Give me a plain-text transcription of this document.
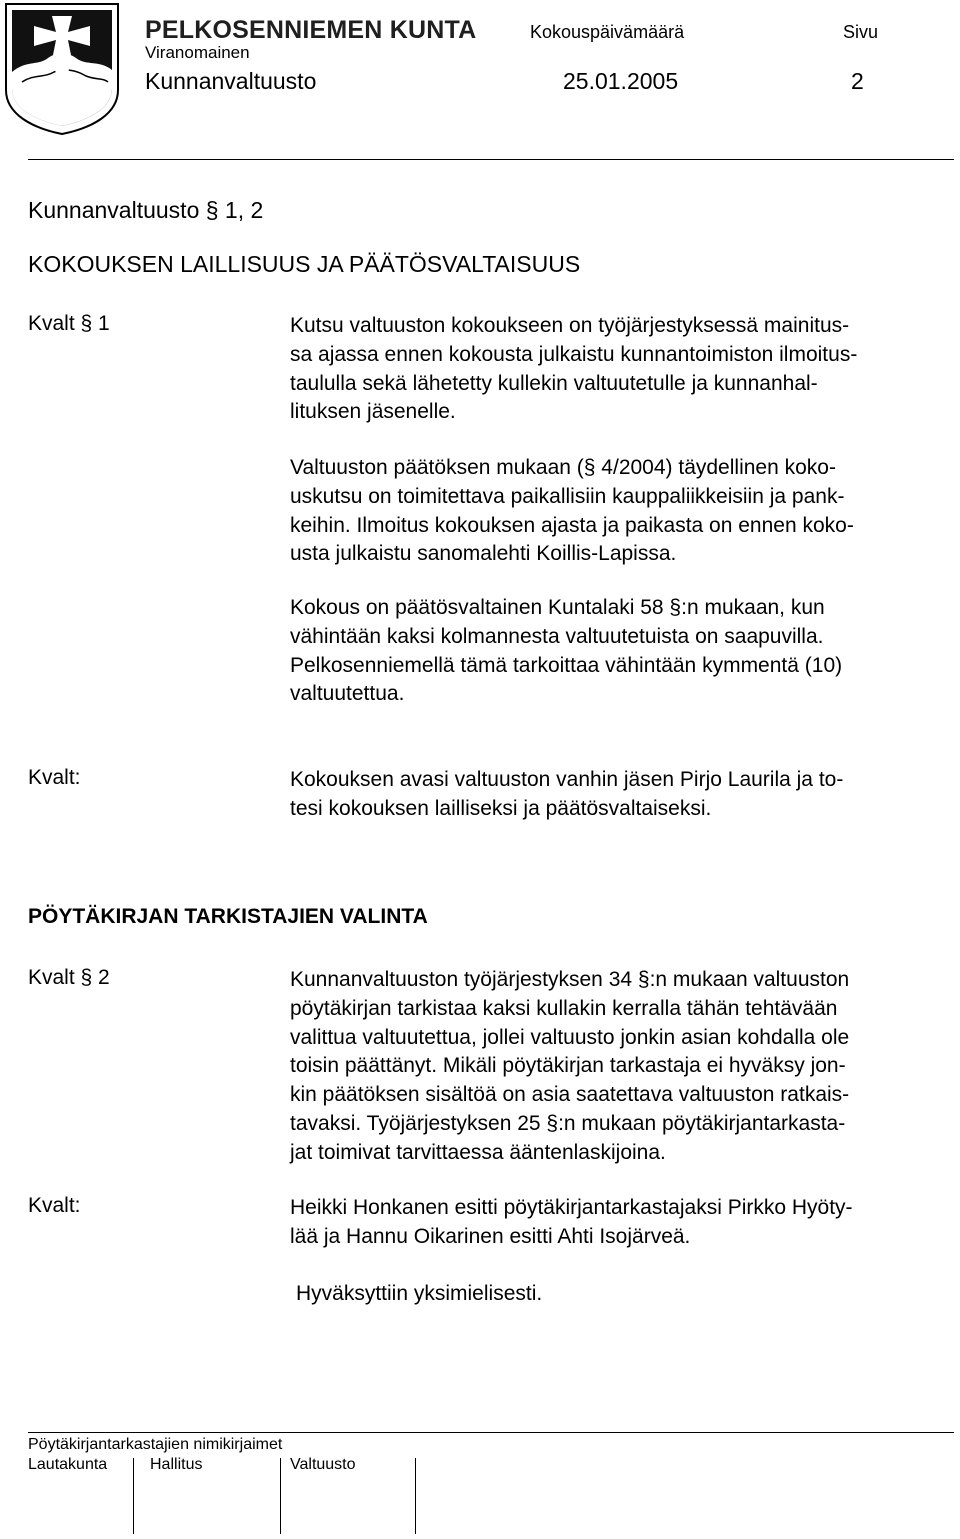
PELKOSENNIEMEN KUNTA
Viranomainen
Kokouspäivämäärä	Sivu
Kunnanvaltuusto	25.01.2005	2
Kunnanvaltuusto § 1, 2
KOKOUKSEN LAILLISUUS JA PÄÄTÖSVALTAISUUS
Kvalt § 1	Kutsu valtuuston kokoukseen on työjärjestyksessä mainitus-
sa ajassa ennen kokousta julkaistu kunnantoimiston ilmoitus-
taululla sekä lähetetty kullekin valtuutetulle ja kunnanhal-
lituksen jäsenelle.
Valtuuston päätöksen mukaan (§ 4/2004) täydellinen koko-
uskutsu on toimitettava paikallisiin kauppaliikkeisiin ja pank-
keihin. Ilmoitus kokouksen ajasta ja paikasta on ennen koko-
usta julkaistu sanomalehti Koillis-Lapissa.
Kokous on päätösvaltainen Kuntalaki 58 §:n mukaan, kun
vähintään kaksi kolmannesta valtuutetuista on saapuvilla.
Pelkosenniemellä tämä tarkoittaa vähintään kymmentä (10)
valtuutettua.
Kvalt:	Kokouksen avasi valtuuston vanhin jäsen Pirjo Laurila ja to-
tesi kokouksen lailliseksi ja päätösvaltaiseksi.
PÖYTÄKIRJAN TARKISTAJIEN VALINTA
Kvalt § 2	Kunnanvaltuuston työjärjestyksen 34 §:n mukaan valtuuston
pöytäkirjan tarkistaa kaksi kullakin kerralla tähän tehtävään
valittua valtuutettua, jollei valtuusto jonkin asian kohdalla ole
toisin päättänyt. Mikäli pöytäkirjan tarkastaja ei hyväksy jon-
kin päätöksen sisältöä on asia saatettava valtuuston ratkais-
tavaksi. Työjärjestyksen 25 §:n mukaan pöytäkirjantarkasta-
jat toimivat tarvittaessa ääntenlaskijoina.
Kvalt:	Heikki Honkanen esitti pöytäkirjantarkastajaksi Pirkko Hyöty-
lää ja Hannu Oikarinen esitti Ahti Isojärveä.
Hyväksyttiin yksimielisesti.
Pöytäkirjantarkastajien nimikirjaimet
Lautakunta	Hallitus	Valtuusto
